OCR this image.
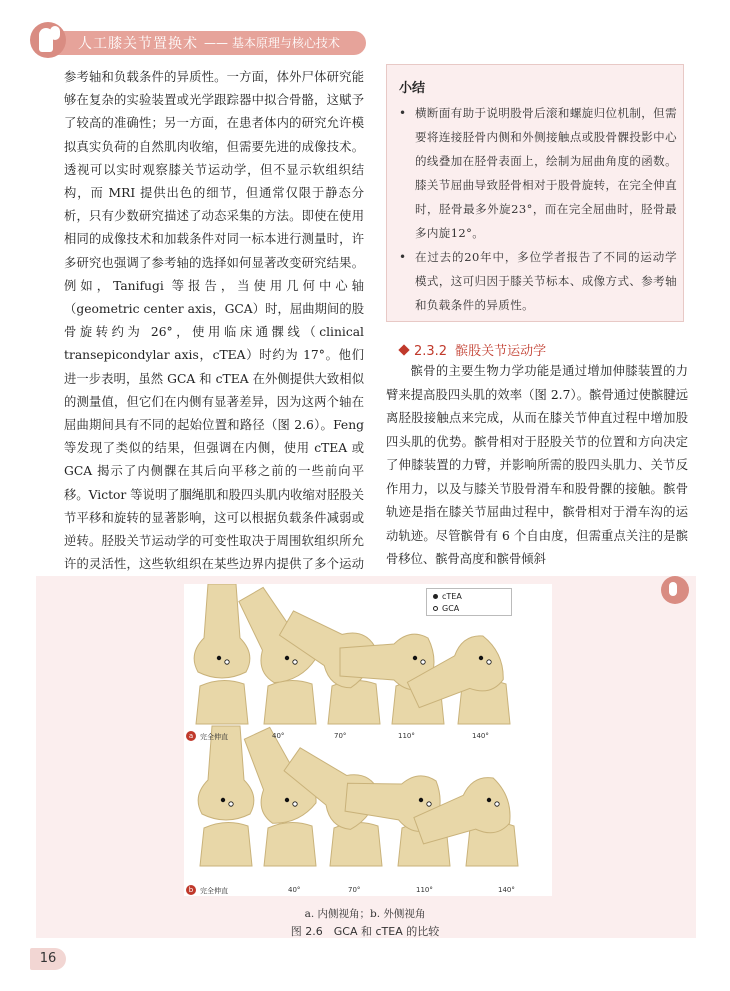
人工膝关节置换术 —— 基本原理与核心技术

参考轴和负载条件的异质性。一方面，体外尸体研究能够在复杂的实验装置或光学跟踪器中拟合骨骼，这赋予了较高的准确性；另一方面，在患者体内的研究允许模拟真实负荷的自然肌肉收缩，但需要先进的成像技术。透视可以实时观察膝关节运动学，但不显示软组织结构，而 MRI 提供出色的细节，但通常仅限于静态分析，只有少数研究描述了动态采集的方法。即使在使用相同的成像技术和加载条件对同一标本进行测量时，许多研究也强调了参考轴的选择如何显著改变研究结果。例如，Tanifugi 等报告，当使用几何中心轴（geometric center axis，GCA）时，屈曲期间的股骨旋转约为 26°，使用临床通髁线（clinical transepicondylar axis，cTEA）时约为 17°。他们进一步表明，虽然 GCA 和 cTEA 在外侧提供大致相似的测量值，但它们在内侧有显著差异，因为这两个轴在屈曲期间具有不同的起始位置和路径（图 2.6）。Feng 等发现了类似的结果，但强调在内侧，使用 cTEA 或 GCA 揭示了内侧髁在其后向平移之前的一些前向平移。Victor 等说明了腘绳肌和股四头肌内收缩对胫股关节平移和旋转的显著影响，这可以根据负载条件减弱或逆转。胫股关节运动学的可变性取决于周围软组织所允许的灵活性，这些软组织在某些边界内提供了多个运动

小结
• 横断面有助于说明股骨后滚和螺旋归位机制，但需要将连接胫骨内侧和外侧接触点或股骨髁投影中心的线叠加在胫骨表面上，绘制为屈曲角度的函数。膝关节屈曲导致胫骨相对于股骨旋转，在完全伸直时，胫骨最多外旋23°，而在完全屈曲时，胫骨最多内旋12°。
• 在过去的20年中，多位学者报告了不同的运动学模式，这可归因于膝关节标本、成像方式、参考轴和负载条件的异质性。
2.3.2 髌股关节运动学

髌骨的主要生物力学功能是通过增加伸膝装置的力臂来提高股四头肌的效率（图 2.7）。髌骨通过使髌腱远离胫股接触点来完成，从而在膝关节伸直过程中增加股四头肌的优势。髌骨相对于胫股关节的位置和方向决定了伸膝装置的力臂，并影响所需的股四头肌力、关节反作用力，以及与膝关节股骨滑车和股骨髁的接触。髌骨轨迹是指在膝关节屈曲过程中，髌骨相对于滑车沟的运动轨迹。尽管髌骨有 6 个自由度，但需重点关注的是髌骨移位、髌骨高度和髌骨倾斜

cTEA
GCA
a 完全伸直	40°	70°	110°	140°
b 完全伸直	40°	70°	110°	140°
a. 内侧视角；b. 外侧视角
图 2.6　GCA 和 cTEA 的比较
16
